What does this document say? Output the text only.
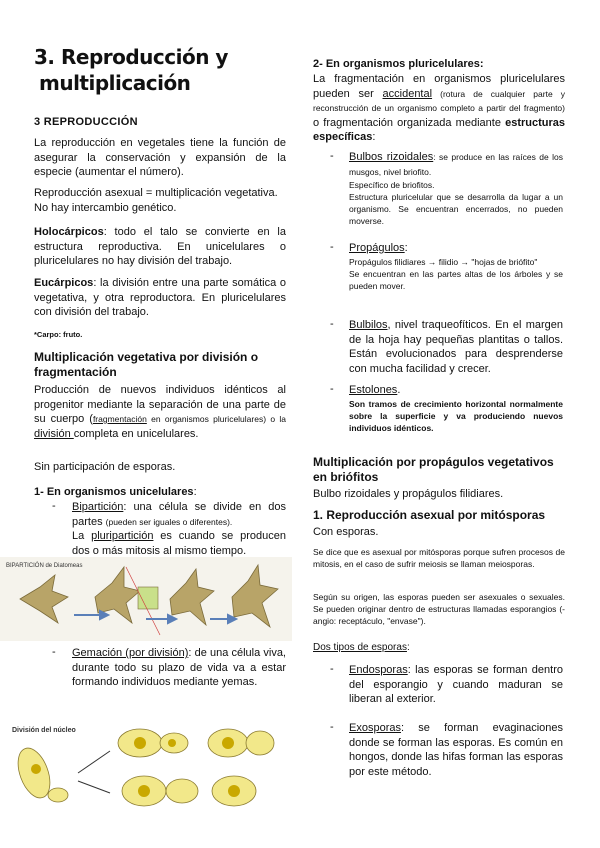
3. Reproducción y
multiplicación
3 REPRODUCCIÓN
La reproducción en vegetales tiene la función de asegurar la conservación y expansión de la especie (aumentar el número).
Reproducción asexual = multiplicación vegetativa. No hay intercambio genético.
Holocárpicos: todo el talo se convierte en la estructura reproductiva. En unicelulares o pluricelulares no hay división del trabajo.
Eucárpicos: la división entre una parte somática o vegetativa, y otra reproductora. En pluricelulares con división del trabajo.
*Carpo: fruto.
Multiplicación vegetativa por división o fragmentación
Producción de nuevos individuos idénticos al progenitor mediante la separación de una parte de su cuerpo (fragmentación en organismos pluricelulares) o la división completa en unicelulares.
Sin participación de esporas.
1- En organismos unicelulares:
- Bipartición: una célula se divide en dos partes (pueden ser iguales o diferentes).
La pluripartición es cuando se producen dos o más mitosis al mismo tiempo.
BIPARTICIÓN de Diatomeas
- Gemación (por división): de una célula viva, durante todo su plazo de vida va a estar formando individuos mediante yemas.
División del núcleo
2- En organismos pluricelulares:
La fragmentación en organismos pluricelulares pueden ser accidental (rotura de cualquier parte y reconstrucción de un organismo completo a partir del fragmento) o fragmentación organizada mediante estructuras específicas:
- Bulbos rizoidales: se produce en las raíces de los musgos, nivel briofito.
Específico de briofitos.
Estructura pluricelular que se desarrolla da lugar a un organismo. Se encuentran encerrados, no pueden moverse.
- Propágulos:
Propágulos filidiares → filidio → "hojas de briófito"
Se encuentran en las partes altas de los árboles y se pueden mover.
- Bulbilos, nivel traqueofíticos. En el margen de la hoja hay pequeñas plantitas o tallos. Están evolucionados para desprenderse con mucha facilidad y crecer.
- Estolones.
Son tramos de crecimiento horizontal normalmente sobre la superficie y va produciendo nuevos individuos idénticos.
Multiplicación por propágulos vegetativos en briófitos
Bulbo rizoidales y propágulos filidiares.
1. Reproducción asexual por mitósporas
Con esporas.
Se dice que es asexual por mitósporas porque sufren procesos de mitosis, en el caso de sufrir meiosis se llaman meiosporas.
Según su origen, las esporas pueden ser asexuales o sexuales. Se pueden originar dentro de estructuras llamadas esporangios (-angio: receptáculo, "envase").
Dos tipos de esporas:
- Endosporas: las esporas se forman dentro del esporangio y cuando maduran se liberan al exterior.
- Exosporas: se forman evaginaciones donde se forman las esporas. Es común en hongos, donde las hifas forman las esporas por este método.
